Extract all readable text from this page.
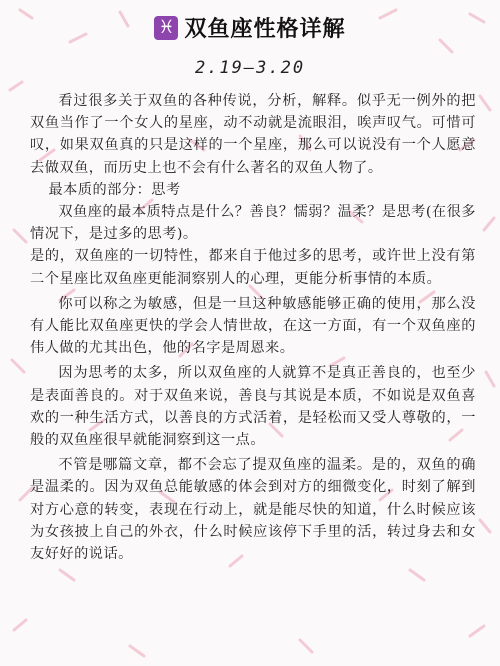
♓ 双鱼座性格详解
2.19—3.20

看过很多关于双鱼的各种传说，分析，解释。似乎无一例外的把双鱼当作了一个女人的星座，动不动就是流眼泪，唉声叹气。可惜可叹，如果双鱼真的只是这样的一个星座，那么可以说没有一个人愿意去做双鱼，而历史上也不会有什么著名的双鱼人物了。

最本质的部分：思考

双鱼座的最本质特点是什么？善良？懦弱？温柔？是思考(在很多情况下，是过多的思考)。

是的，双鱼座的一切特性，都来自于他过多的思考，或许世上没有第二个星座比双鱼座更能洞察别人的心理，更能分析事情的本质。

你可以称之为敏感，但是一旦这种敏感能够正确的使用，那么没有人能比双鱼座更快的学会人情世故，在这一方面，有一个双鱼座的伟人做的尤其出色，他的名字是周恩来。

因为思考的太多，所以双鱼座的人就算不是真正善良的，也至少是表面善良的。对于双鱼来说，善良与其说是本质，不如说是双鱼喜欢的一种生活方式，以善良的方式活着，是轻松而又受人尊敬的，一般的双鱼座很早就能洞察到这一点。

不管是哪篇文章，都不会忘了提双鱼座的温柔。是的，双鱼的确是温柔的。因为双鱼总能敏感的体会到对方的细微变化，时刻了解到对方心意的转变，表现在行动上，就是能尽快的知道，什么时候应该为女孩披上自己的外衣，什么时候应该停下手里的活，转过身去和女友好好的说话。
